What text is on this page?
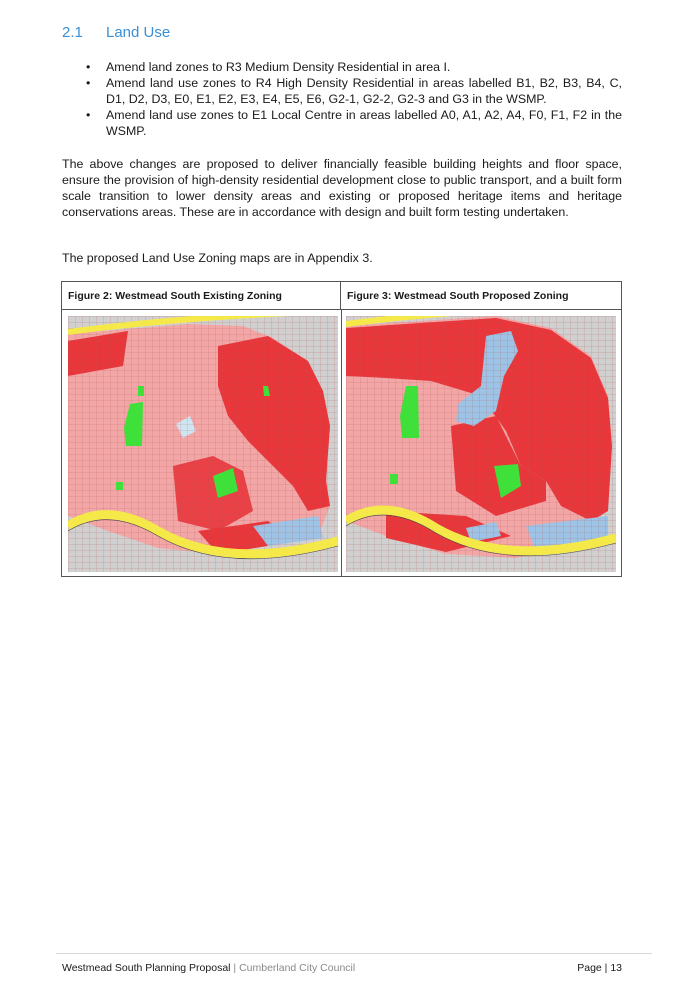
2.1 Land Use
• Amend land zones to R3 Medium Density Residential in area I.
• Amend land use zones to R4 High Density Residential in areas labelled B1, B2, B3, B4, C, D1, D2, D3, E0, E1, E2, E3, E4, E5, E6, G2-1, G2-2, G2-3 and G3 in the WSMP.
• Amend land use zones to E1 Local Centre in areas labelled A0, A1, A2, A4, F0, F1, F2 in the WSMP.

The above changes are proposed to deliver financially feasible building heights and floor space, ensure the provision of high-density residential development close to public transport, and a built form scale transition to lower density areas and existing or proposed heritage items and heritage conservations areas. These are in accordance with design and built form testing undertaken.

The proposed Land Use Zoning maps are in Appendix 3.

Figure 2: Westmead South Existing Zoning	Figure 3: Westmead South Proposed Zoning
Westmead South Planning Proposal | Cumberland City Council	Page | 13
